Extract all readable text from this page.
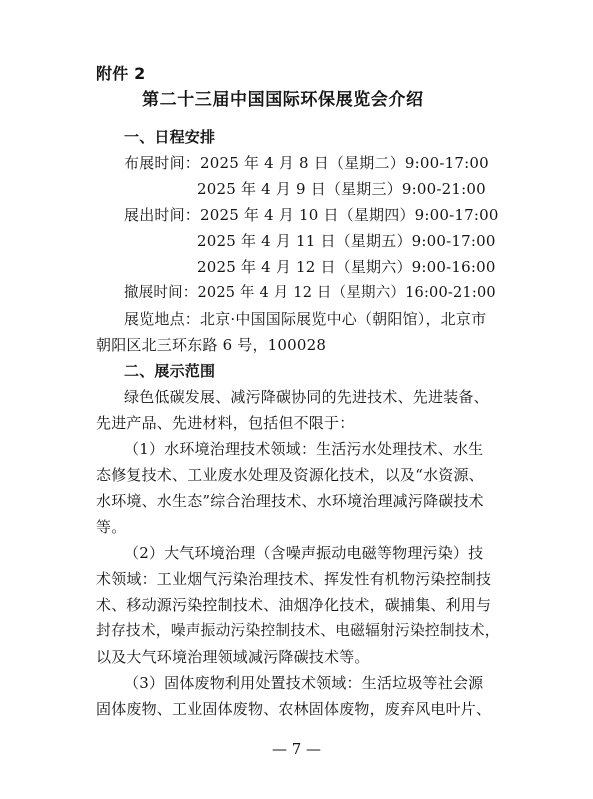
附件 2
第二十三届中国国际环保展览会介绍
一、日程安排
布展时间：2025 年 4 月 8 日（星期二）9:00-17:00
2025 年 4 月 9 日（星期三）9:00-21:00
展出时间：2025 年 4 月 10 日（星期四）9:00-17:00
2025 年 4 月 11 日（星期五）9:00-17:00
2025 年 4 月 12 日（星期六）9:00-16:00
撤展时间：2025 年 4 月 12 日（星期六）16:00-21:00
展览地点：北京·中国国际展览中心（朝阳馆），北京市
朝阳区北三环东路 6 号，100028
二、展示范围
绿色低碳发展、减污降碳协同的先进技术、先进装备、
先进产品、先进材料，包括但不限于：
（1）水环境治理技术领域：生活污水处理技术、水生
态修复技术、工业废水处理及资源化技术，以及“水资源、
水环境、水生态”综合治理技术、水环境治理减污降碳技术
等。
（2）大气环境治理（含噪声振动电磁等物理污染）技
术领域：工业烟气污染治理技术、挥发性有机物污染控制技
术、移动源污染控制技术、油烟净化技术，碳捕集、利用与
封存技术，噪声振动污染控制技术、电磁辐射污染控制技术，
以及大气环境治理领域减污降碳技术等。
（3）固体废物利用处置技术领域：生活垃圾等社会源
固体废物、工业固体废物、农林固体废物，废弃风电叶片、
— 7 —
